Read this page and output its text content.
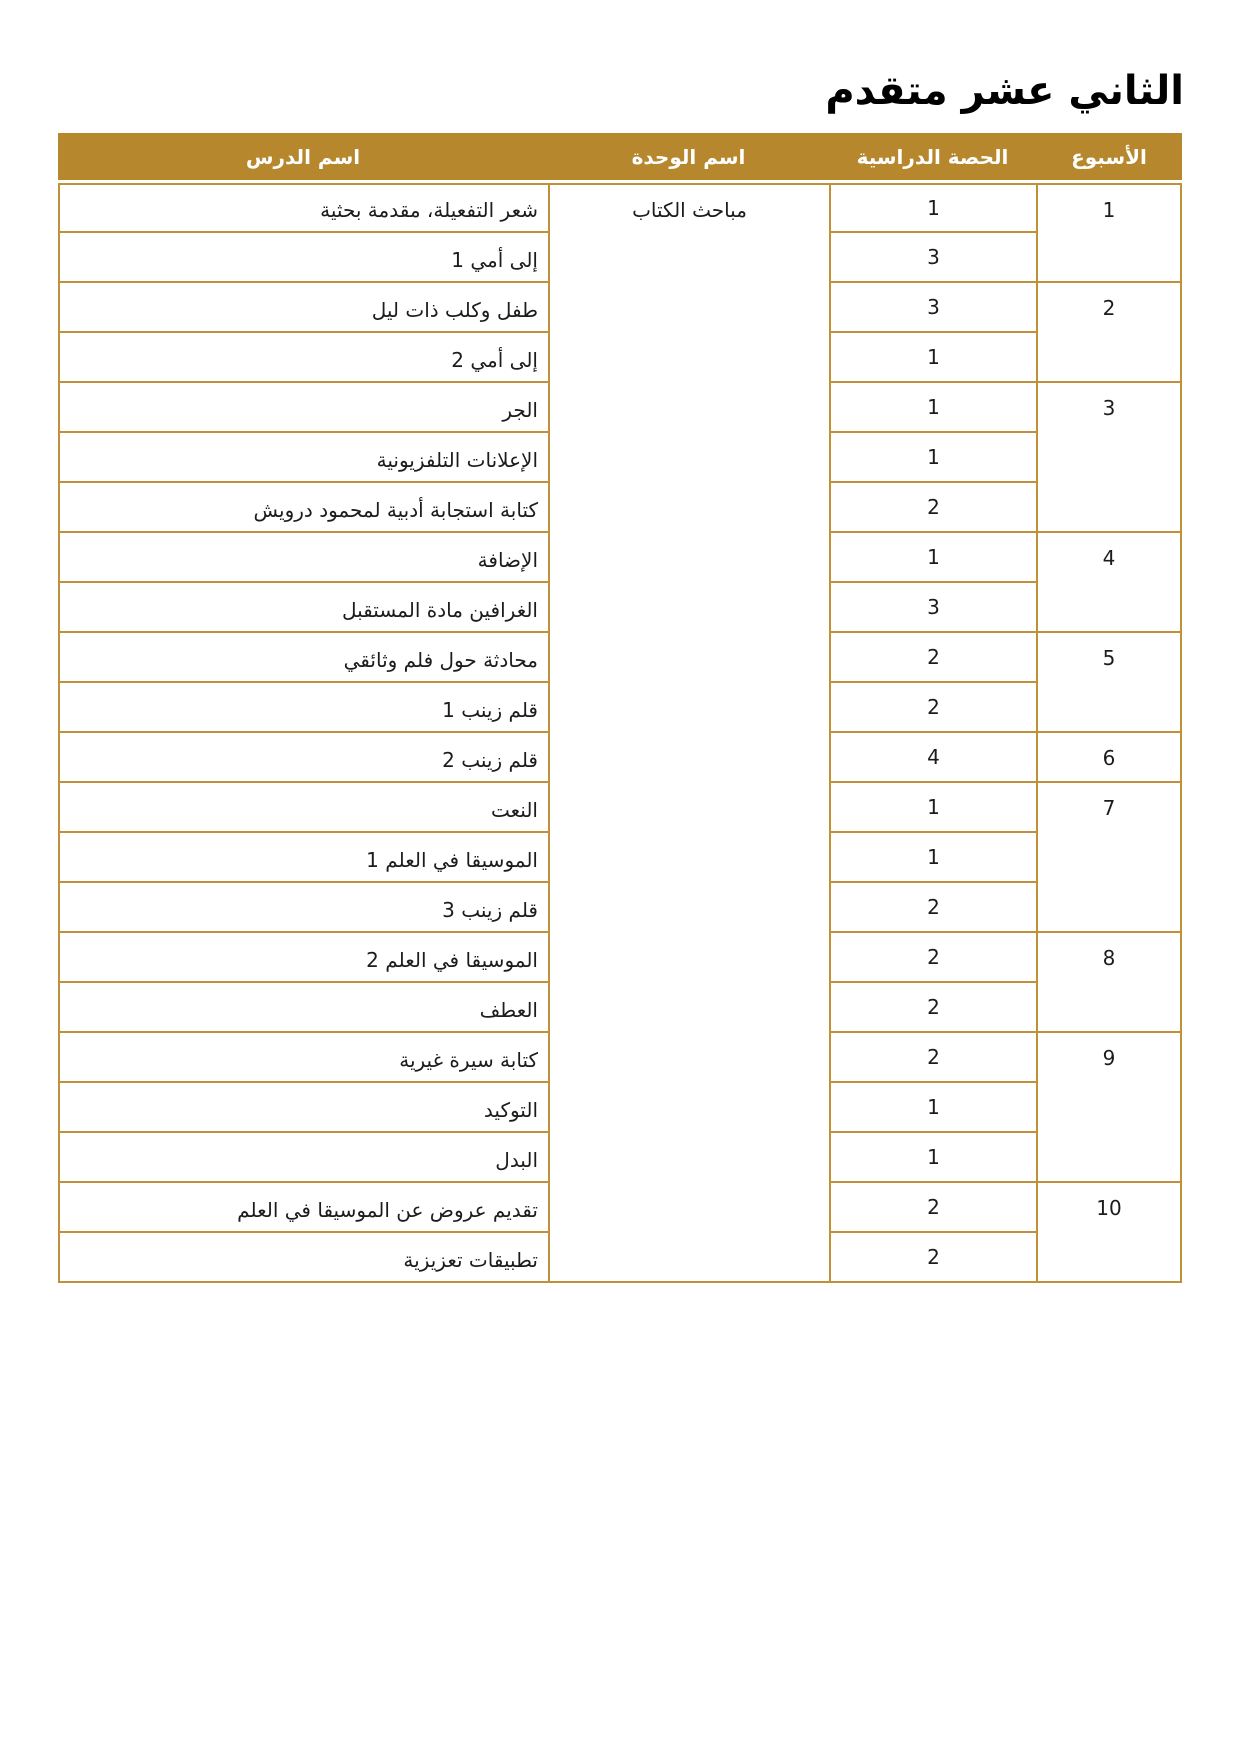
الثاني عشر متقدم
الأسبوع	الحصة الدراسية	اسم الوحدة	اسم الدرس
1	1	مباحث الكتاب	شعر التفعيلة، مقدمة بحثية
	3		إلى أمي 1
2	3		طفل وكلب ذات ليل
	1		إلى أمي 2
3	1		الجر
	1		الإعلانات التلفزيونية
	2		كتابة استجابة أدبية لمحمود درويش
4	1		الإضافة
	3		الغرافين مادة المستقبل
5	2		محادثة حول فلم وثائقي
	2		قلم زينب 1
6	4		قلم زينب 2
7	1		النعت
	1		الموسيقا في العلم 1
	2		قلم زينب 3
8	2		الموسيقا في العلم 2
	2		العطف
9	2		كتابة سيرة غيرية
	1		التوكيد
	1		البدل
10	2		تقديم عروض عن الموسيقا في العلم
	2		تطبيقات تعزيزية
